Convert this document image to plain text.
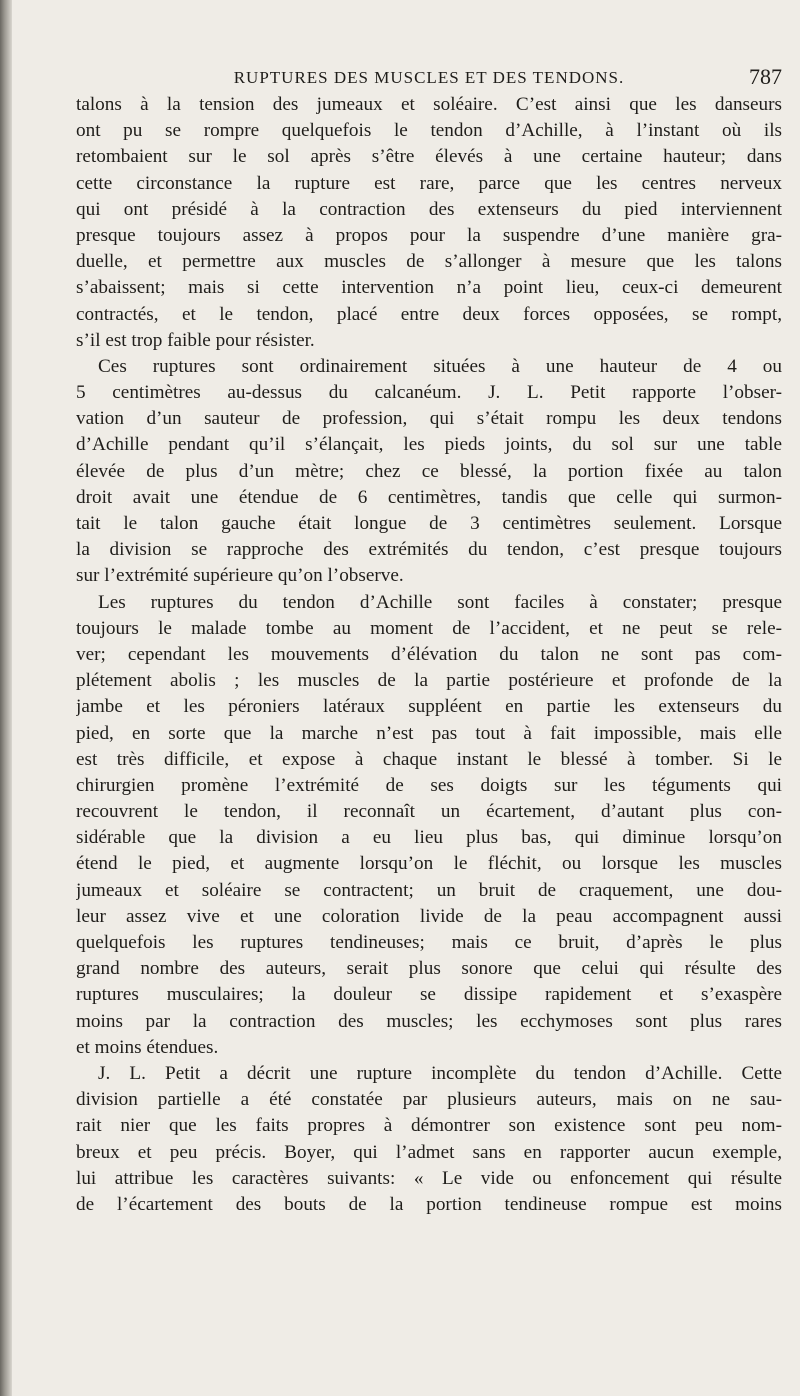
RUPTURES DES MUSCLES ET DES TENDONS.	787
talons à la tension des jumeaux et soléaire. C’est ainsi que les danseurs
ont pu se rompre quelquefois le tendon d’Achille, à l’instant où ils
retombaient sur le sol après s’être élevés à une certaine hauteur; dans
cette circonstance la rupture est rare, parce que les centres nerveux
qui ont présidé à la contraction des extenseurs du pied interviennent
presque toujours assez à propos pour la suspendre d’une manière gra-
duelle, et permettre aux muscles de s’allonger à mesure que les talons
s’abaissent; mais si cette intervention n’a point lieu, ceux-ci demeurent
contractés, et le tendon, placé entre deux forces opposées, se rompt,
s’il est trop faible pour résister.
Ces ruptures sont ordinairement situées à une hauteur de 4 ou
5 centimètres au-dessus du calcanéum. J. L. Petit rapporte l’obser-
vation d’un sauteur de profession, qui s’était rompu les deux tendons
d’Achille pendant qu’il s’élançait, les pieds joints, du sol sur une table
élevée de plus d’un mètre; chez ce blessé, la portion fixée au talon
droit avait une étendue de 6 centimètres, tandis que celle qui surmon-
tait le talon gauche était longue de 3 centimètres seulement. Lorsque
la division se rapproche des extrémités du tendon, c’est presque toujours
sur l’extrémité supérieure qu’on l’observe.
Les ruptures du tendon d’Achille sont faciles à constater; presque
toujours le malade tombe au moment de l’accident, et ne peut se rele-
ver; cependant les mouvements d’élévation du talon ne sont pas com-
plétement abolis ; les muscles de la partie postérieure et profonde de la
jambe et les péroniers latéraux suppléent en partie les extenseurs du
pied, en sorte que la marche n’est pas tout à fait impossible, mais elle
est très difficile, et expose à chaque instant le blessé à tomber. Si le
chirurgien promène l’extrémité de ses doigts sur les téguments qui
recouvrent le tendon, il reconnaît un écartement, d’autant plus con-
sidérable que la division a eu lieu plus bas, qui diminue lorsqu’on
étend le pied, et augmente lorsqu’on le fléchit, ou lorsque les muscles
jumeaux et soléaire se contractent; un bruit de craquement, une dou-
leur assez vive et une coloration livide de la peau accompagnent aussi
quelquefois les ruptures tendineuses; mais ce bruit, d’après le plus
grand nombre des auteurs, serait plus sonore que celui qui résulte des
ruptures musculaires; la douleur se dissipe rapidement et s’exaspère
moins par la contraction des muscles; les ecchymoses sont plus rares
et moins étendues.
J. L. Petit a décrit une rupture incomplète du tendon d’Achille. Cette
division partielle a été constatée par plusieurs auteurs, mais on ne sau-
rait nier que les faits propres à démontrer son existence sont peu nom-
breux et peu précis. Boyer, qui l’admet sans en rapporter aucun exemple,
lui attribue les caractères suivants: « Le vide ou enfoncement qui résulte
de l’écartement des bouts de la portion tendineuse rompue est moins
